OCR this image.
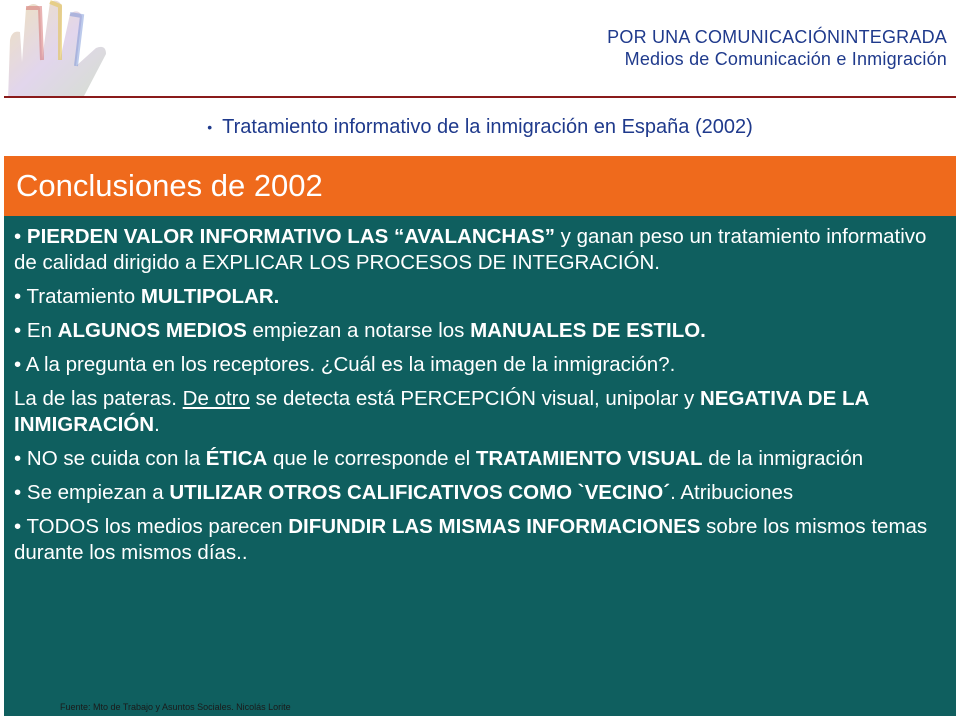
POR UNA COMUNICACIÓNINTEGRADA
Medios de Comunicación e Inmigración
• Tratamiento informativo de la inmigración en España (2002)
Conclusiones de 2002

• PIERDEN VALOR INFORMATIVO LAS “AVALANCHAS” y ganan peso un tratamiento informativo de calidad dirigido a EXPLICAR LOS PROCESOS DE INTEGRACIÓN.

• Tratamiento MULTIPOLAR.

• En ALGUNOS MEDIOS empiezan a notarse los MANUALES DE ESTILO.

• A la pregunta en los receptores. ¿Cuál es la imagen de la inmigración?.

La de las pateras. De otro se detecta está PERCEPCIÓN visual, unipolar y NEGATIVA DE LA INMIGRACIÓN.

• NO se cuida con la ÉTICA que le corresponde el TRATAMIENTO VISUAL de la inmigración

• Se empiezan a UTILIZAR OTROS CALIFICATIVOS COMO `VECINO´. Atribuciones

• TODOS los medios parecen DIFUNDIR LAS MISMAS INFORMACIONES sobre los mismos temas durante los mismos días..

Fuente: Mto de Trabajo y Asuntos Sociales. Nicolás Lorite
